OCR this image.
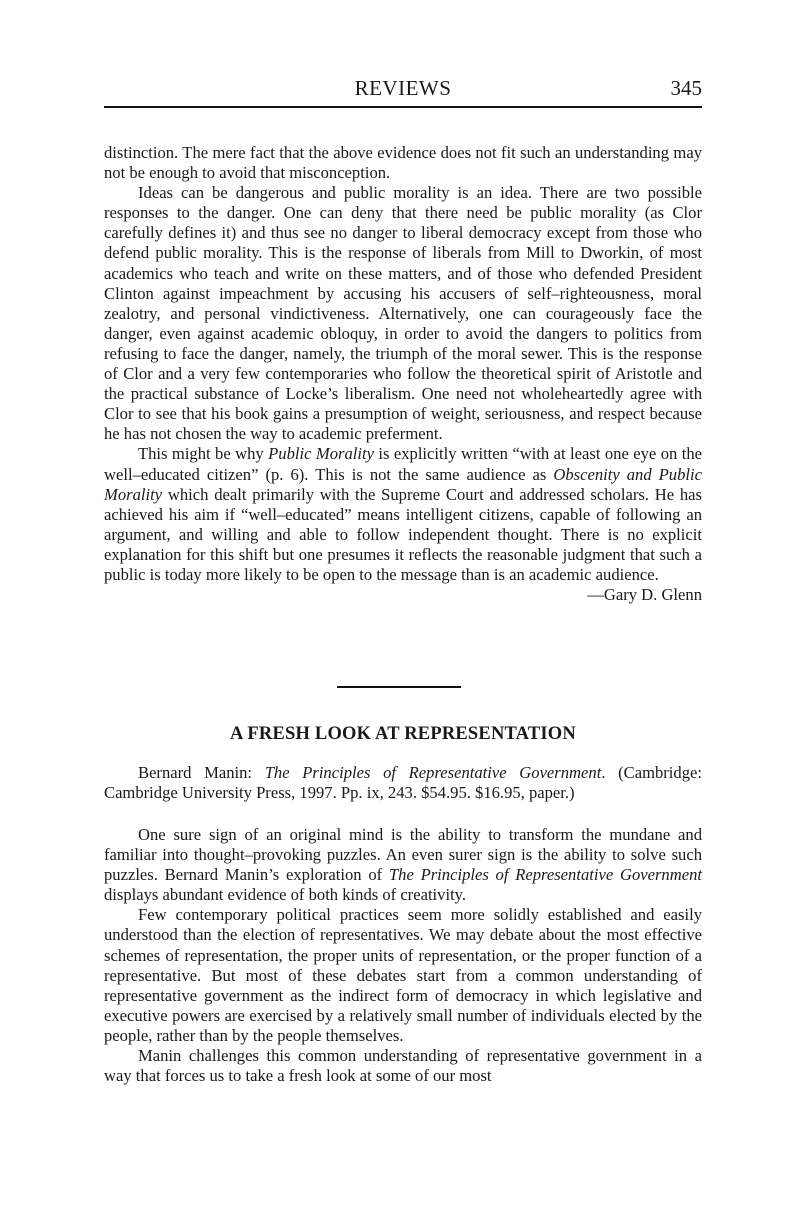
REVIEWS	345

distinction. The mere fact that the above evidence does not fit such an understanding may not be enough to avoid that misconception.

Ideas can be dangerous and public morality is an idea. There are two possible responses to the danger. One can deny that there need be public morality (as Clor carefully defines it) and thus see no danger to liberal democracy except from those who defend public morality. This is the response of liberals from Mill to Dworkin, of most academics who teach and write on these matters, and of those who defended President Clinton against impeachment by accusing his accusers of self–righteousness, moral zealotry, and personal vindictiveness. Alternatively, one can courageously face the danger, even against academic obloquy, in order to avoid the dangers to politics from refusing to face the danger, namely, the triumph of the moral sewer. This is the response of Clor and a very few contemporaries who follow the theoretical spirit of Aristotle and the practical substance of Locke’s liberalism. One need not wholeheartedly agree with Clor to see that his book gains a presumption of weight, seriousness, and respect because he has not chosen the way to academic preferment.

This might be why Public Morality is explicitly written “with at least one eye on the well–educated citizen” (p. 6). This is not the same audience as Obscenity and Public Morality which dealt primarily with the Supreme Court and addressed scholars. He has achieved his aim if “well–educated” means intelligent citizens, capable of following an argument, and willing and able to follow independent thought. There is no explicit explanation for this shift but one presumes it reflects the reasonable judgment that such a public is today more likely to be open to the message than is an academic audience.

—Gary D. Glenn

A FRESH LOOK AT REPRESENTATION

Bernard Manin: The Principles of Representative Government. (Cambridge: Cambridge University Press, 1997. Pp. ix, 243. $54.95. $16.95, paper.)

One sure sign of an original mind is the ability to transform the mundane and familiar into thought–provoking puzzles. An even surer sign is the ability to solve such puzzles. Bernard Manin’s exploration of The Principles of Representative Government displays abundant evidence of both kinds of creativity.

Few contemporary political practices seem more solidly established and easily understood than the election of representatives. We may debate about the most effective schemes of representation, the proper units of representation, or the proper function of a representative. But most of these debates start from a common understanding of representative government as the indirect form of democracy in which legislative and executive powers are exercised by a relatively small number of individuals elected by the people, rather than by the people themselves.

Manin challenges this common understanding of representative government in a way that forces us to take a fresh look at some of our most
